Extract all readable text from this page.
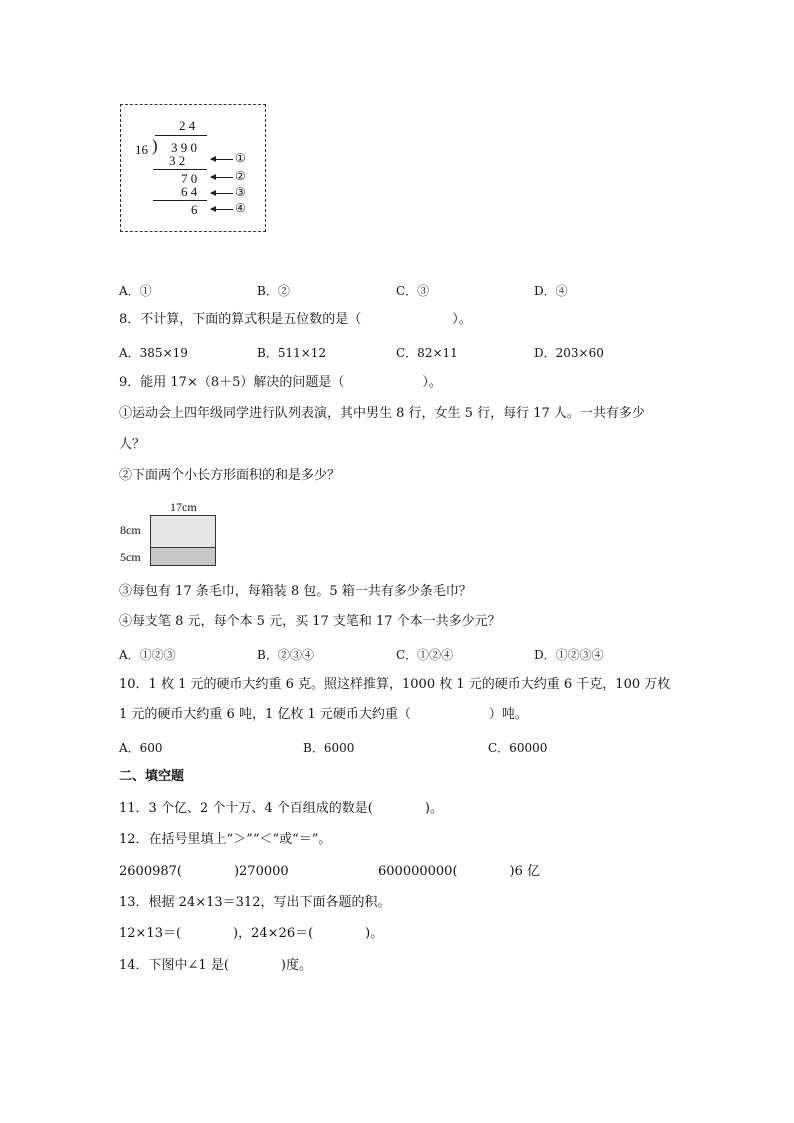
2 4
16 ) 3 9 0
3 2
7 0
6 4
6
①
②
③
④
A．①	B．②	C．③	D．④
8．不计算，下面的算式积是五位数的是（　　　　　　　）。
A．385×19	B．511×12	C．82×11	D．203×60
9．能用 17×（8＋5）解决的问题是（　　　　　　）。
①运动会上四年级同学进行队列表演，其中男生 8 行，女生 5 行，每行 17 人。一共有多少
人？
②下面两个小长方形面积的和是多少？
17cm
8cm
5cm
③每包有 17 条毛巾，每箱装 8 包。5 箱一共有多少条毛巾？
④每支笔 8 元，每个本 5 元，买 17 支笔和 17 个本一共多少元？
A．①②③	B．②③④	C．①②④	D．①②③④
10．1 枚 1 元的硬币大约重 6 克。照这样推算，1000 枚 1 元的硬币大约重 6 千克，100 万枚
1 元的硬币大约重 6 吨，1 亿枚 1 元硬币大约重（　　　　　　）吨。
A．600	B．6000	C．60000
二、填空题
11．3 个亿、2 个十万、4 个百组成的数是(　　　　)。
12．在括号里填上“＞”“＜”或“＝”。
2600987(　　　　)270000	600000000(　　　　)6 亿
13．根据 24×13＝312，写出下面各题的积。
12×13＝(　　　　)，24×26＝(　　　　)。
14．下图中∠1 是(　　　　)度。
